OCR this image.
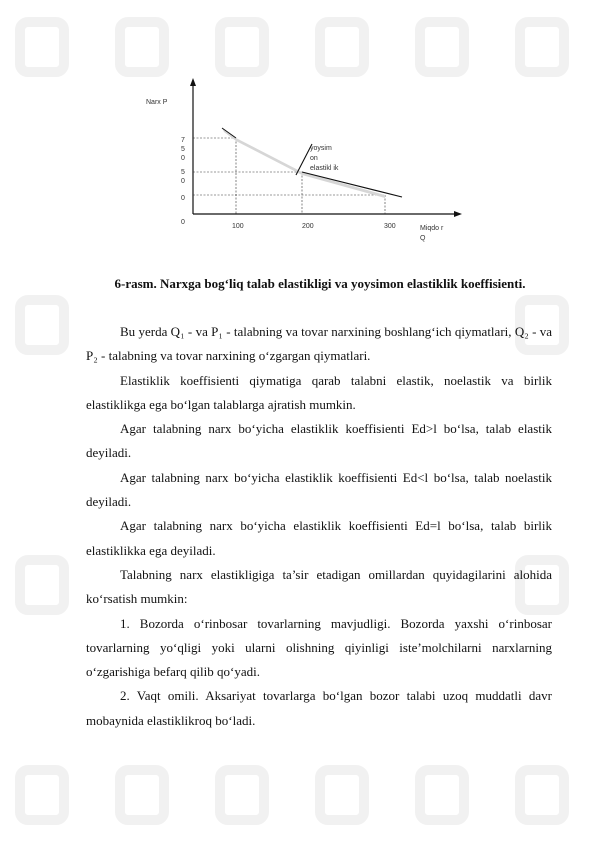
Narx P
750
50
0
0
100	200	300	Miqdo r Q
yoysim on elastikl ik
6-rasm. Narxga bog‘liq talab elastikligi va yoysimon elastiklik koeffisienti.

Bu yerda Q₁ - va P₁ - talabning va tovar narxining boshlang‘ich qiymatlari, Q₂ - va P₂ - talabning va tovar narxining o‘zgargan qiymatlari.

Elastiklik koeffisienti qiymatiga qarab talabni elastik, noelastik va birlik elastiklikga ega bo‘lgan talablarga ajratish mumkin.

Agar talabning narx bo‘yicha elastiklik koeffisienti Ed>l bo‘lsa, talab elastik deyiladi.

Agar talabning narx bo‘yicha elastiklik koeffisienti Ed<l bo‘lsa, talab noelastik deyiladi.

Agar talabning narx bo‘yicha elastiklik koeffisienti Ed=l bo‘lsa, talab birlik elastiklikka ega deyiladi.

Talabning narx elastikligiga ta’sir etadigan omillardan quyidagilarini alohida ko‘rsatish mumkin:

1. Bozorda o‘rinbosar tovarlarning mavjudligi. Bozorda yaxshi o‘rinbosar tovarlarning yo‘qligi yoki ularni olishning qiyinligi iste’molchilarni narxlarning o‘zgarishiga befarq qilib qo‘yadi.

2. Vaqt omili. Aksariyat tovarlarga bo‘lgan bozor talabi uzoq muddatli davr mobaynida elastiklikroq bo‘ladi.
